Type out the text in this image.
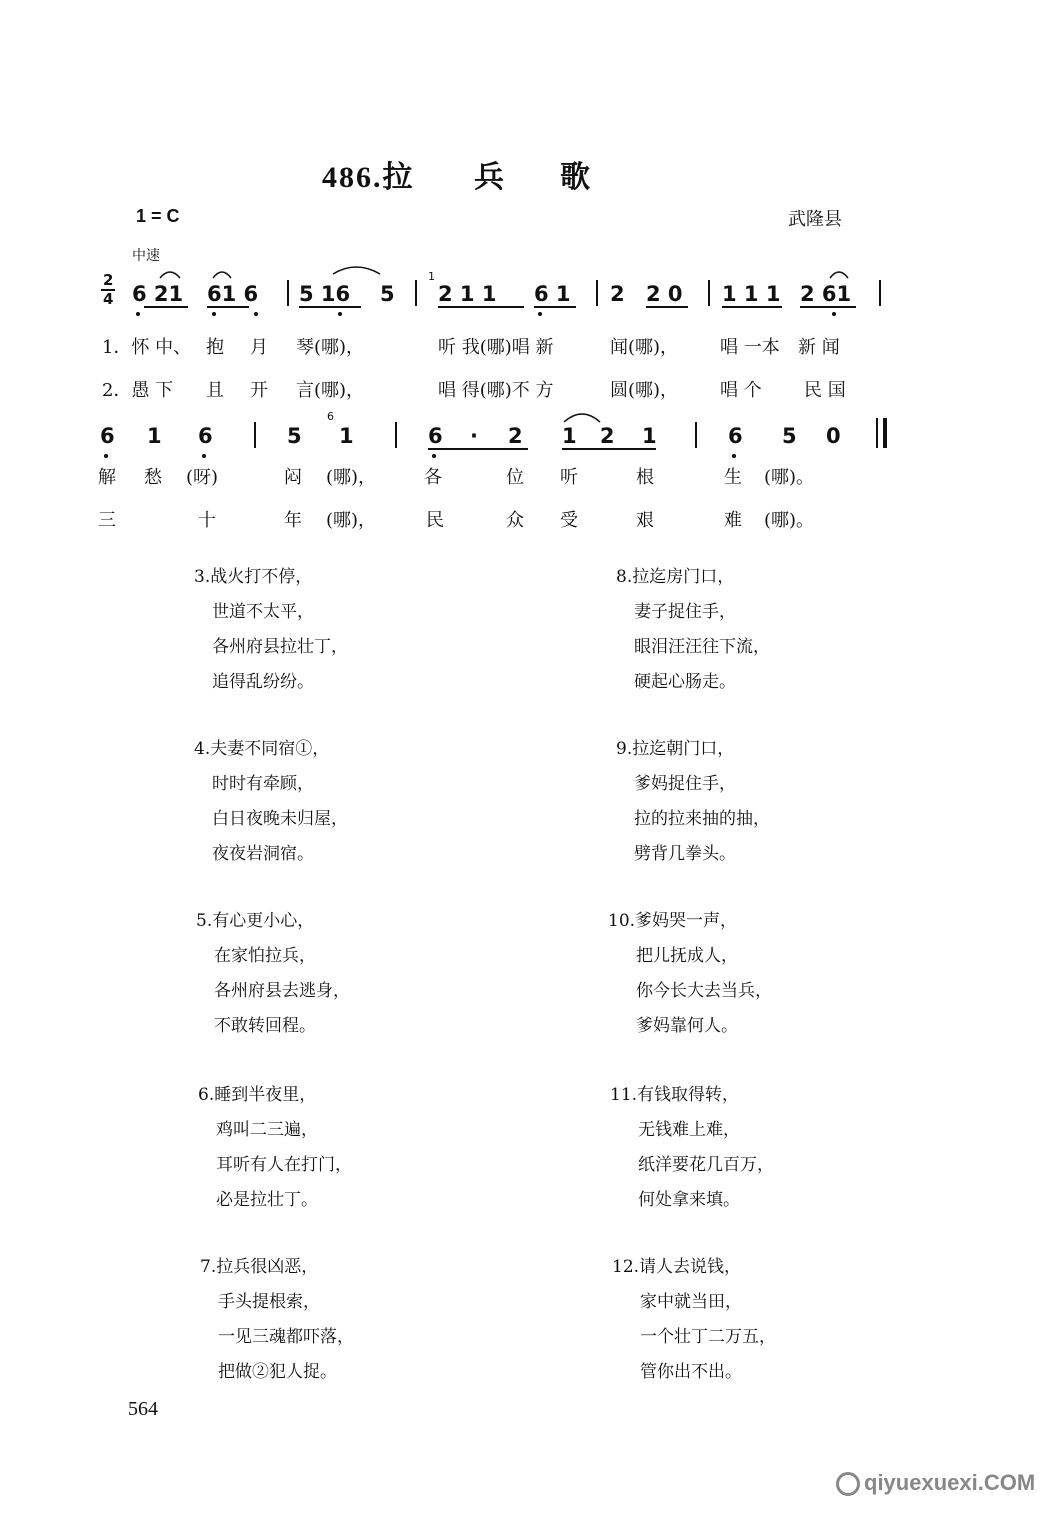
486.拉 兵 歌
1 = C	武隆县
中速
2
4 6 21 61 6 5 16 5
1
2 1 1 6 1 2 2 0 1 1 1 2 61
1．怀 中、 抱 月 琴(哪)，	听 我(哪)唱 新	闻(哪)， 唱 一本 新 闻
2．愚 下 且 开 言(哪)，	唱 得(哪)不 方	圆(哪)， 唱 个 民 国
6 1 6	5
6
1	6 · 2 1 2 1	6 5 0
解 愁 (呀)	闷 (哪)，	各	位 听	根	生 (哪)。
三	十	年 (哪)，	民	众 受	艰	难 (哪)。
3.战火打不停，
世道不太平，
各州府县拉壮丁，
追得乱纷纷。
4.夫妻不同宿①，
时时有牵顾，
白日夜晚未归屋，
夜夜岩洞宿。
5.有心更小心，
在家怕拉兵，
各州府县去逃身，
不敢转回程。
6.睡到半夜里，
鸡叫二三遍，
耳听有人在打门，
必是拉壮丁。
7.拉兵很凶恶，
手头提根索，
一见三魂都吓落，
把做②犯人捉。
8.拉迄房门口，
妻子捉住手，
眼泪汪汪往下流，
硬起心肠走。
9.拉迄朝门口，
爹妈捉住手，
拉的拉来抽的抽，
劈背几拳头。
10.爹妈哭一声，
把儿抚成人，
你今长大去当兵，
爹妈靠何人。
11.有钱取得转，
无钱难上难，
纸洋要花几百万，
何处拿来填。
12.请人去说钱，
家中就当田，
一个壮丁二万五，
管你出不出。
564
qiyuexuexi.COM
